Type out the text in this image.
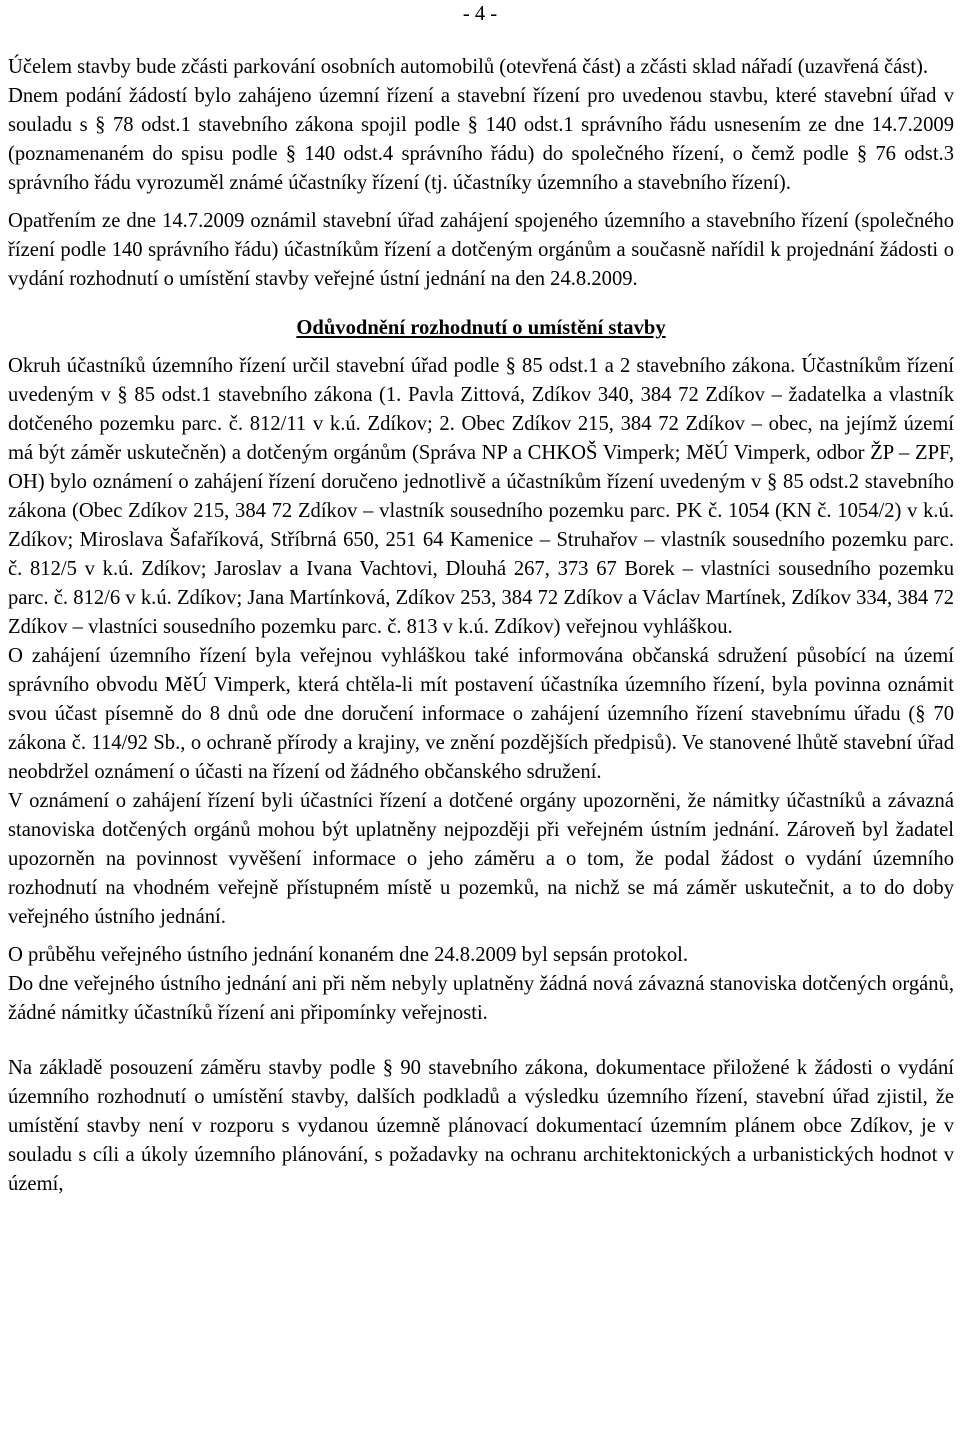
- 4 -

Účelem stavby bude zčásti parkování osobních automobilů (otevřená část) a zčásti sklad nářadí (uzavřená část).

Dnem podání žádostí bylo zahájeno územní řízení a stavební řízení pro uvedenou stavbu, které stavební úřad v souladu s § 78 odst.1 stavebního zákona spojil podle § 140 odst.1 správního řádu usnesením ze dne 14.7.2009 (poznamenaném do spisu podle § 140 odst.4 správního řádu) do společného řízení, o čemž podle § 76 odst.3 správního řádu vyrozuměl známé účastníky řízení (tj. účastníky územního a stavebního řízení).

Opatřením ze dne 14.7.2009 oznámil stavební úřad zahájení spojeného územního a stavebního řízení (společného řízení podle 140 správního řádu) účastníkům řízení a dotčeným orgánům a současně nařídil k projednání žádosti o vydání rozhodnutí o umístění stavby veřejné ústní jednání na den 24.8.2009.

Odůvodnění rozhodnutí o umístění stavby

Okruh účastníků územního řízení určil stavební úřad podle § 85 odst.1 a 2 stavebního zákona. Účastníkům řízení uvedeným v § 85 odst.1 stavebního zákona (1. Pavla Zittová, Zdíkov 340, 384 72 Zdíkov – žadatelka a vlastník dotčeného pozemku parc. č. 812/11 v k.ú. Zdíkov; 2. Obec Zdíkov 215, 384 72 Zdíkov – obec, na jejímž území má být záměr uskutečněn) a dotčeným orgánům (Správa NP a CHKOŠ Vimperk; MěÚ Vimperk, odbor ŽP – ZPF, OH) bylo oznámení o zahájení řízení doručeno jednotlivě a účastníkům řízení uvedeným v § 85 odst.2 stavebního zákona (Obec Zdíkov 215, 384 72 Zdíkov – vlastník sousedního pozemku parc. PK č. 1054 (KN č. 1054/2) v k.ú. Zdíkov; Miroslava Šafaříková, Stříbrná 650, 251 64 Kamenice – Struhařov – vlastník sousedního pozemku parc. č. 812/5 v k.ú. Zdíkov; Jaroslav a Ivana Vachtovi, Dlouhá 267, 373 67 Borek – vlastníci sousedního pozemku parc. č. 812/6 v k.ú. Zdíkov; Jana Martínková, Zdíkov 253, 384 72 Zdíkov a Václav Martínek, Zdíkov 334, 384 72 Zdíkov – vlastníci sousedního pozemku parc. č. 813 v k.ú. Zdíkov) veřejnou vyhláškou.

O zahájení územního řízení byla veřejnou vyhláškou také informována občanská sdružení působící na území správního obvodu MěÚ Vimperk, která chtěla-li mít postavení účastníka územního řízení, byla povinna oznámit svou účast písemně do 8 dnů ode dne doručení informace o zahájení územního řízení stavebnímu úřadu (§ 70 zákona č. 114/92 Sb., o ochraně přírody a krajiny, ve znění pozdějších předpisů). Ve stanovené lhůtě stavební úřad neobdržel oznámení o účasti na řízení od žádného občanského sdružení.

V oznámení o zahájení řízení byli účastníci řízení a dotčené orgány upozorněni, že námitky účastníků a závazná stanoviska dotčených orgánů mohou být uplatněny nejpozději při veřejném ústním jednání. Zároveň byl žadatel upozorněn na povinnost vyvěšení informace o jeho záměru a o tom, že podal žádost o vydání územního rozhodnutí na vhodném veřejně přístupném místě u pozemků, na nichž se má záměr uskutečnit, a to do doby veřejného ústního jednání.

O průběhu veřejného ústního jednání konaném dne 24.8.2009 byl sepsán protokol.

Do dne veřejného ústního jednání ani při něm nebyly uplatněny žádná nová závazná stanoviska dotčených orgánů, žádné námitky účastníků řízení ani připomínky veřejnosti.

Na základě posouzení záměru stavby podle § 90 stavebního zákona, dokumentace přiložené k žádosti o vydání územního rozhodnutí o umístění stavby, dalších podkladů a výsledku územního řízení, stavební úřad zjistil, že umístění stavby není v rozporu s vydanou územně plánovací dokumentací územním plánem obce Zdíkov, je v souladu s cíli a úkoly územního plánování, s požadavky na ochranu architektonických a urbanistických hodnot v území,
